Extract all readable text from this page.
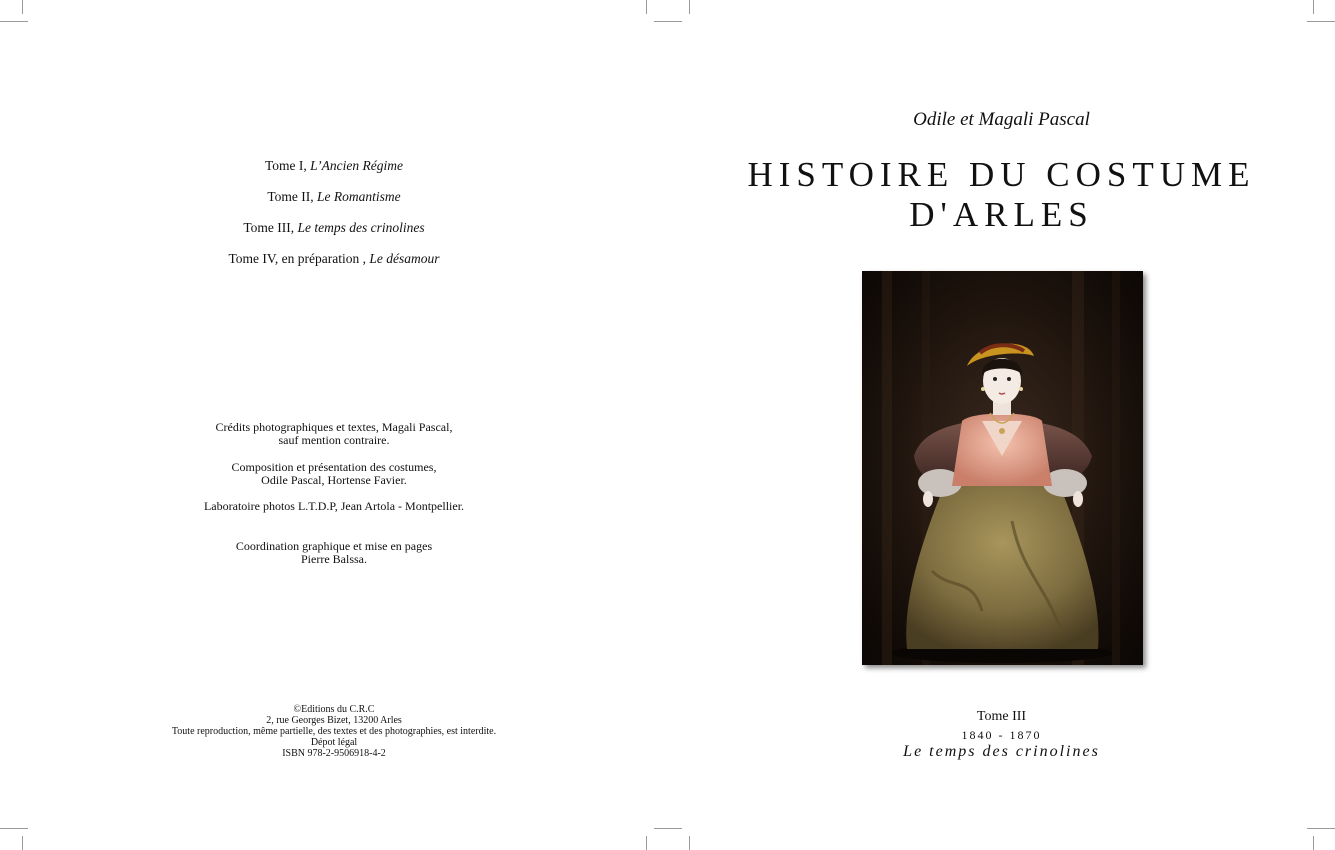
Tome I, L’Ancien Régime
Tome II, Le Romantisme
Tome III, Le temps des crinolines
Tome IV, en préparation , Le désamour
Crédits photographiques et textes, Magali Pascal,
sauf mention contraire.
Composition et présentation des costumes,
Odile Pascal, Hortense Favier.
Laboratoire photos L.T.D.P, Jean Artola - Montpellier.
Coordination graphique et mise en pages
Pierre Balssa.
©Editions du C.R.C
2, rue Georges Bizet, 13200 Arles
Toute reproduction, même partielle, des textes et des photographies, est interdite.
Dépot légal
ISBN 978-2-9506918-4-2
Odile et Magali Pascal
HISTOIRE DU COSTUME
D'ARLES
Tome III
1840 - 1870
Le temps des crinolines
